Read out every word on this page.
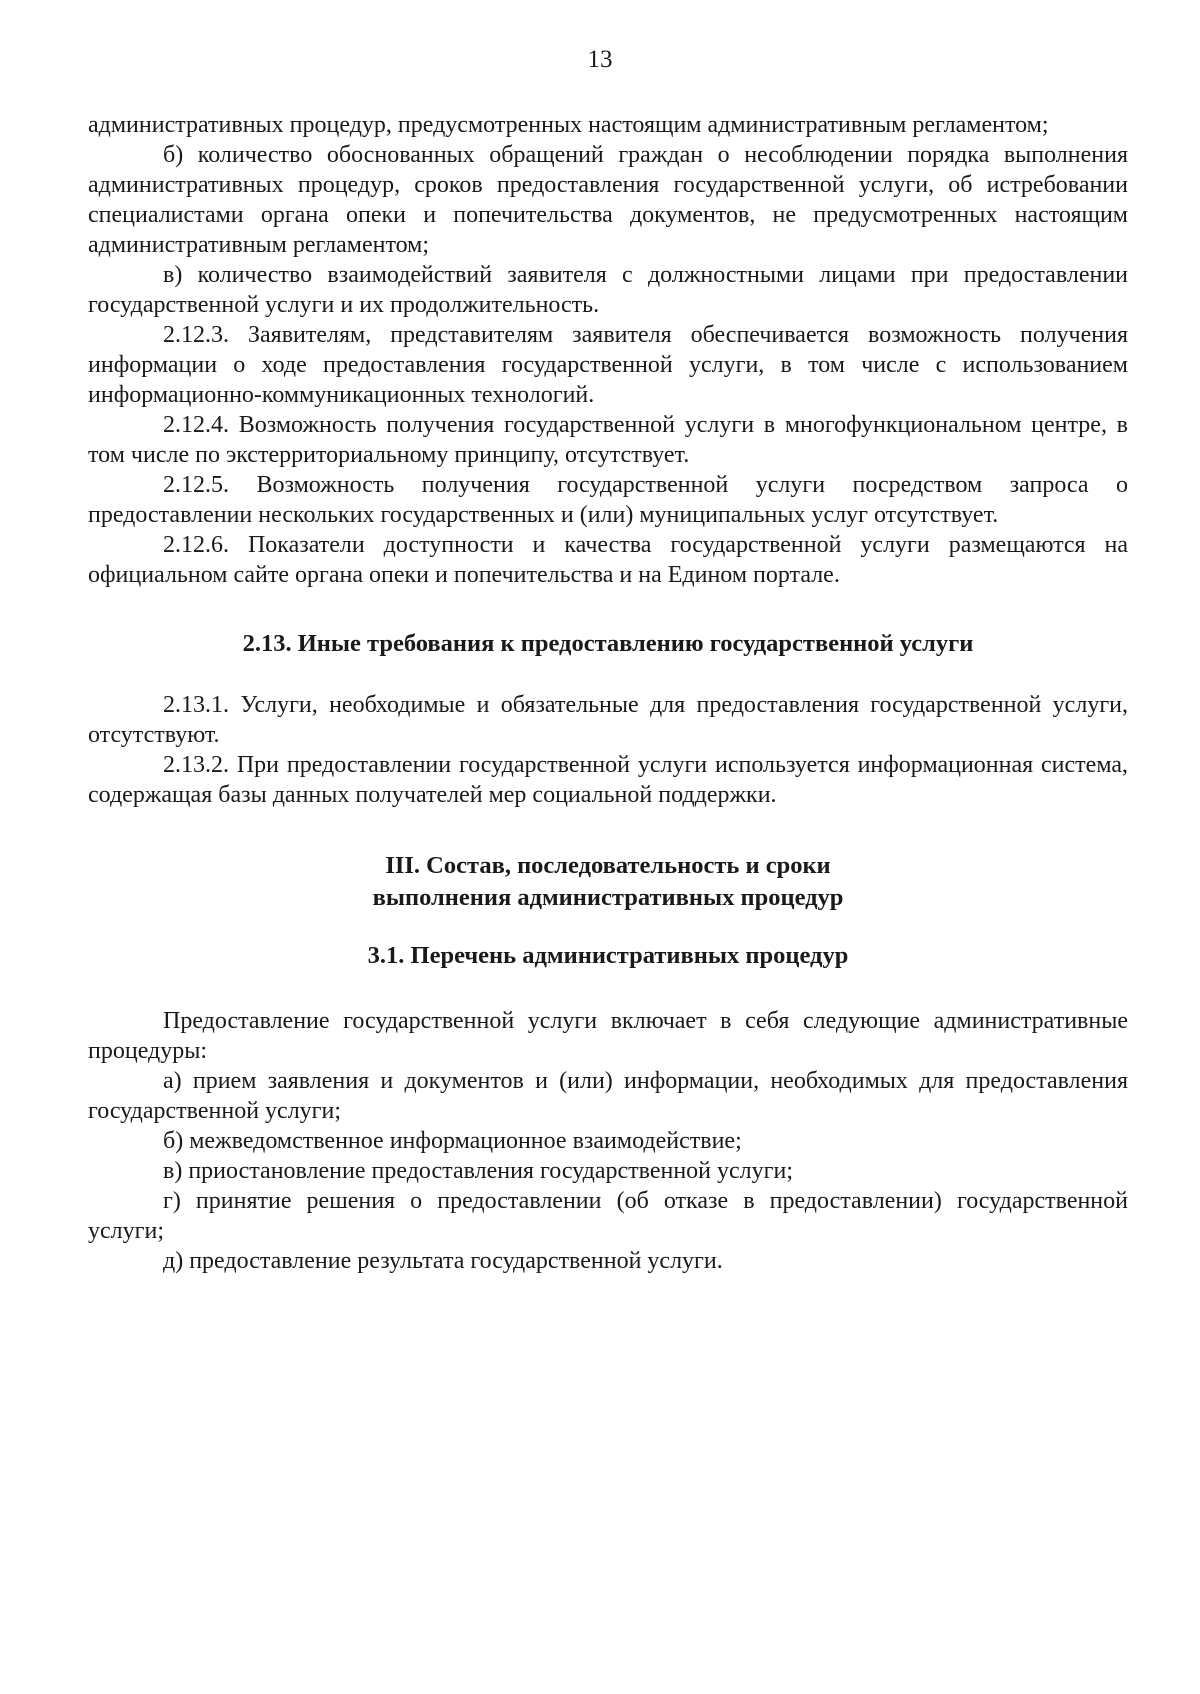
13

административных процедур, предусмотренных настоящим административным регламентом;

б) количество обоснованных обращений граждан о несоблюдении порядка выполнения административных процедур, сроков предоставления государственной услуги, об истребовании специалистами органа опеки и попечительства документов, не предусмотренных настоящим административным регламентом;

в) количество взаимодействий заявителя с должностными лицами при предоставлении государственной услуги и их продолжительность.

2.12.3. Заявителям, представителям заявителя обеспечивается возможность получения информации о ходе предоставления государственной услуги, в том числе с использованием информационно-коммуникационных технологий.

2.12.4. Возможность получения государственной услуги в многофункциональном центре, в том числе по экстерриториальному принципу, отсутствует.

2.12.5. Возможность получения государственной услуги посредством запроса о предоставлении нескольких государственных и (или) муниципальных услуг отсутствует.

2.12.6. Показатели доступности и качества государственной услуги размещаются на официальном сайте органа опеки и попечительства и на Едином портале.

2.13. Иные требования к предоставлению государственной услуги

2.13.1. Услуги, необходимые и обязательные для предоставления государственной услуги, отсутствуют.

2.13.2. При предоставлении государственной услуги используется информационная система, содержащая базы данных получателей мер социальной поддержки.

III. Состав, последовательность и сроки

выполнения административных процедур

3.1. Перечень административных процедур

Предоставление государственной услуги включает в себя следующие административные процедуры:

а) прием заявления и документов и (или) информации, необходимых для предоставления государственной услуги;

б) межведомственное информационное взаимодействие;

в) приостановление предоставления государственной услуги;

г) принятие решения о предоставлении (об отказе в предоставлении) государственной услуги;

д) предоставление результата государственной услуги.
